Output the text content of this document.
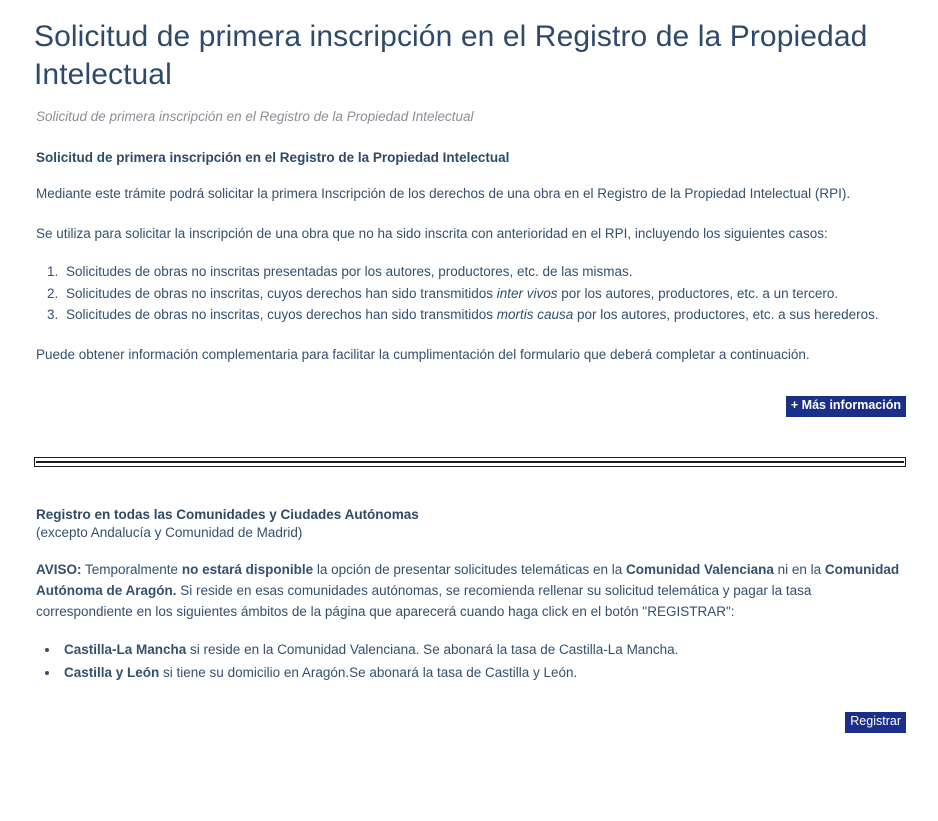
Solicitud de primera inscripción en el Registro de la Propiedad Intelectual
Solicitud de primera inscripción en el Registro de la Propiedad Intelectual
Solicitud de primera inscripción en el Registro de la Propiedad Intelectual

Mediante este trámite podrá solicitar la primera Inscripción de los derechos de una obra en el Registro de la Propiedad Intelectual (RPI).

Se utiliza para solicitar la inscripción de una obra que no ha sido inscrita con anterioridad en el RPI, incluyendo los siguientes casos:

1. Solicitudes de obras no inscritas presentadas por los autores, productores, etc. de las mismas.
2. Solicitudes de obras no inscritas, cuyos derechos han sido transmitidos inter vivos por los autores, productores, etc. a un tercero.
3. Solicitudes de obras no inscritas, cuyos derechos han sido transmitidos mortis causa por los autores, productores, etc. a sus herederos.

Puede obtener información complementaria para facilitar la cumplimentación del formulario que deberá completar a continuación.

+ Más información
Registro en todas las Comunidades y Ciudades Autónomas
(excepto Andalucía y Comunidad de Madrid)

AVISO: Temporalmente no estará disponible la opción de presentar solicitudes telemáticas en la Comunidad Valenciana ni en la Comunidad Autónoma de Aragón. Si reside en esas comunidades autónomas, se recomienda rellenar su solicitud telemática y pagar la tasa correspondiente en los siguientes ámbitos de la página que aparecerá cuando haga click en el botón "REGISTRAR":

• Castilla-La Mancha si reside en la Comunidad Valenciana. Se abonará la tasa de Castilla-La Mancha.
• Castilla y León si tiene su domicilio en Aragón.Se abonará la tasa de Castilla y León.
Registrar
